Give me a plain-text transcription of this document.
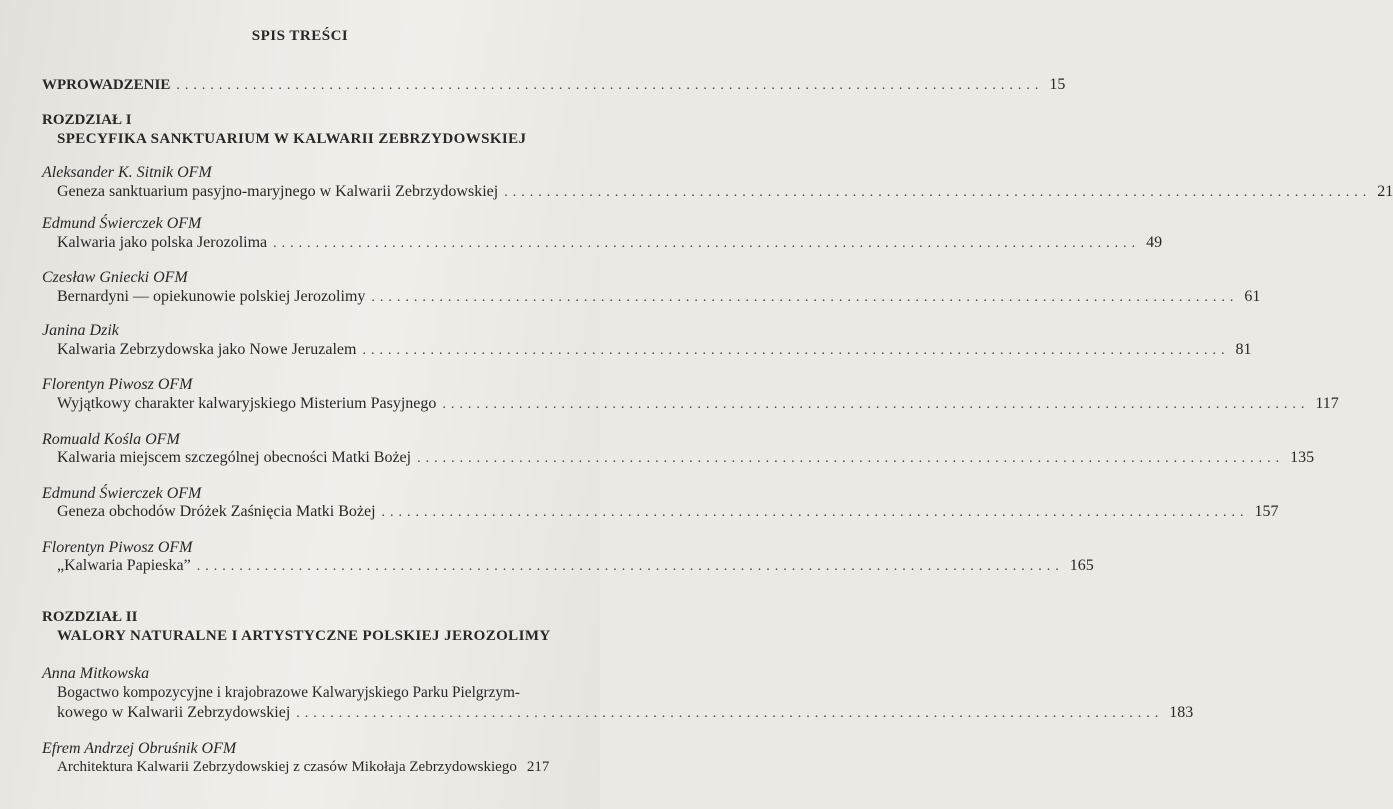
SPIS TREŚCI
WPROWADZENIE ...................................................................................................... 15
ROZDZIAŁ I
SPECYFIKA SANKTUARIUM W KALWARII ZEBRZYDOWSKIEJ
Aleksander K. Sitnik OFM
Geneza sanktuarium pasyjno-maryjnego w Kalwarii Zebrzydowskiej ...................................................................................................... 21
Edmund Świerczek OFM
Kalwaria jako polska Jerozolima ...................................................................................................... 49
Czesław Gniecki OFM
Bernardyni — opiekunowie polskiej Jerozolimy ...................................................................................................... 61
Janina Dzik
Kalwaria Zebrzydowska jako Nowe Jeruzalem ...................................................................................................... 81
Florentyn Piwosz OFM
Wyjątkowy charakter kalwaryjskiego Misterium Pasyjnego ...................................................................................................... 117
Romuald Kośla OFM
Kalwaria miejscem szczególnej obecności Matki Bożej ...................................................................................................... 135
Edmund Świerczek OFM
Geneza obchodów Dróżek Zaśnięcia Matki Bożej ...................................................................................................... 157
Florentyn Piwosz OFM
„Kalwaria Papieska” ...................................................................................................... 165
ROZDZIAŁ II
WALORY NATURALNE I ARTYSTYCZNE POLSKIEJ JEROZOLIMY
Anna Mitkowska
Bogactwo kompozycyjne i krajobrazowe Kalwaryjskiego Parku Pielgrzym-
kowego w Kalwarii Zebrzydowskiej ...................................................................................................... 183
Efrem Andrzej Obruśnik OFM
Architektura Kalwarii Zebrzydowskiej z czasów Mikołaja Zebrzydowskiego 217
